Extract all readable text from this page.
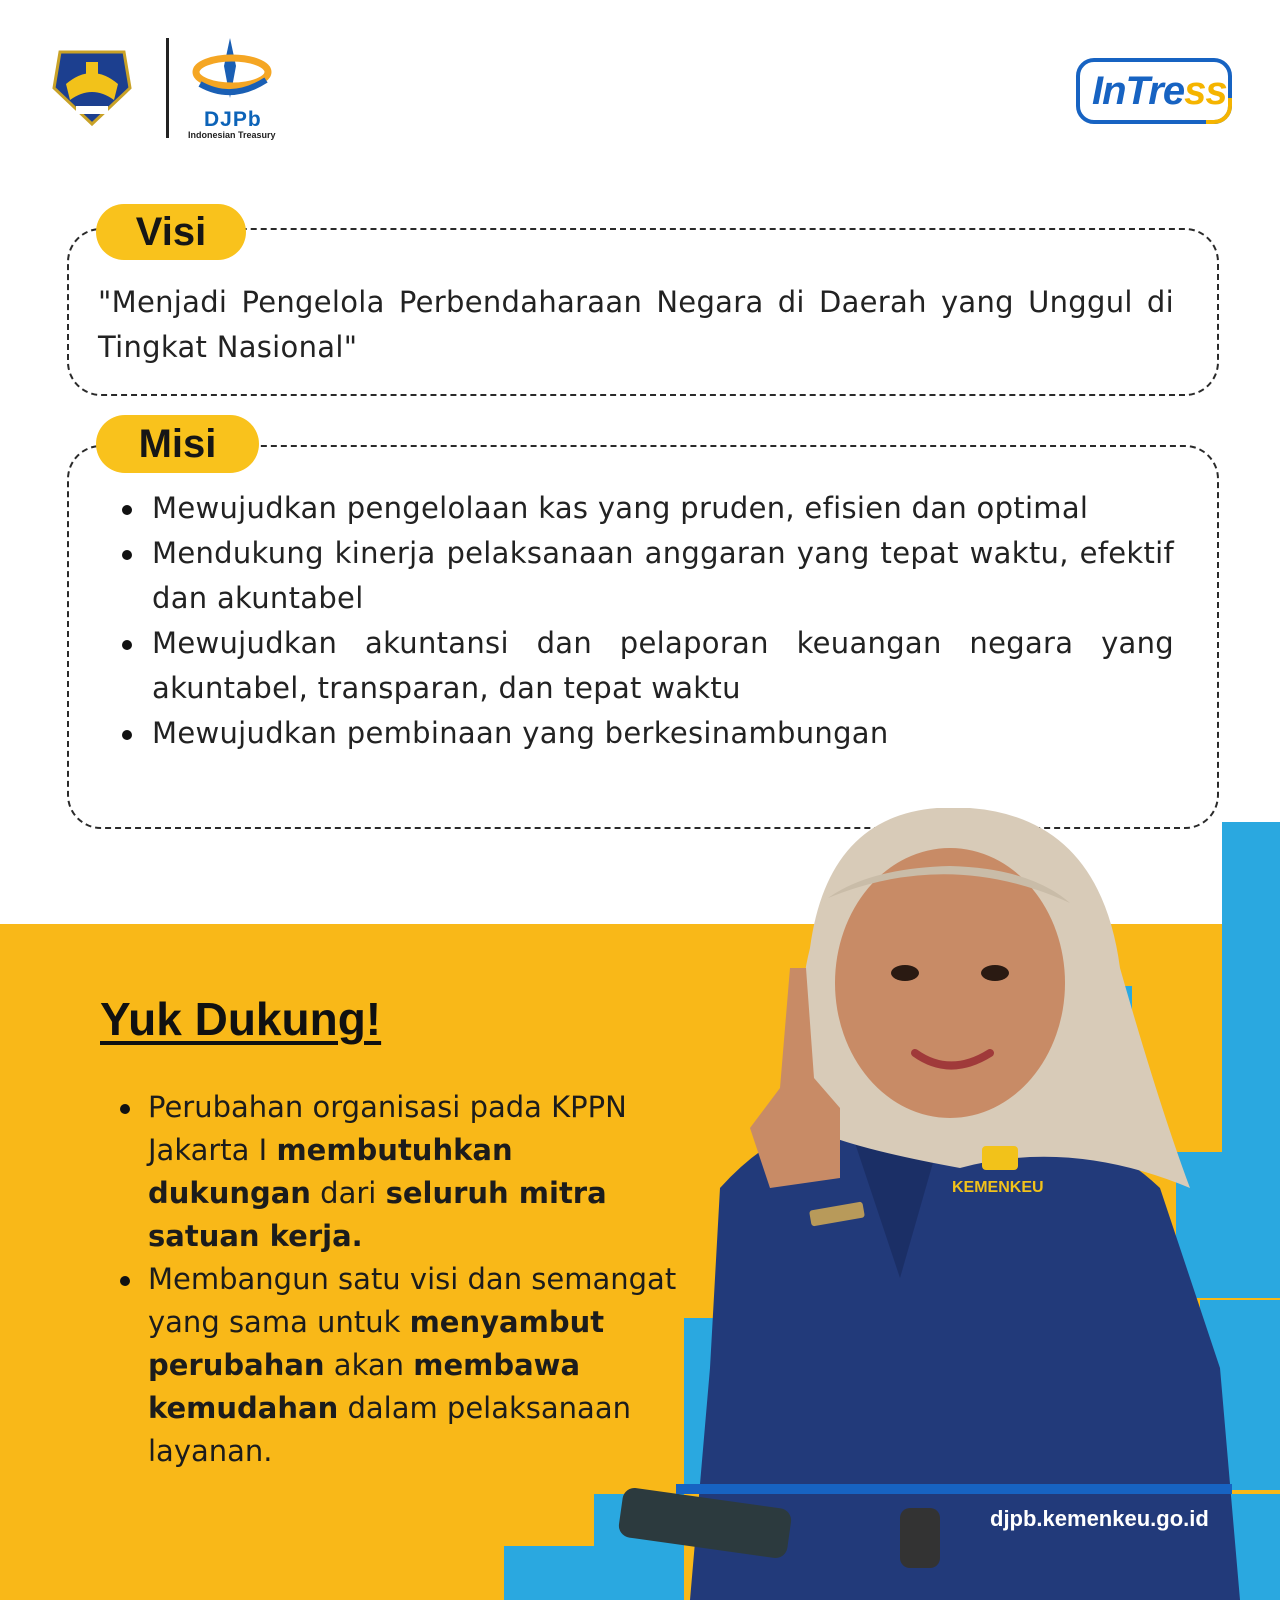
DJPb
Indonesian Treasury
InTress
Visi
"Menjadi Pengelola Perbendaharaan Negara di Daerah yang Unggul di Tingkat Nasional"
Misi
Mewujudkan pengelolaan kas yang pruden, efisien dan optimal
Mendukung kinerja pelaksanaan anggaran yang tepat waktu, efektif dan akuntabel
Mewujudkan akuntansi dan pelaporan keuangan negara yang akuntabel, transparan, dan tepat waktu
Mewujudkan pembinaan yang berkesinambungan
Yuk Dukung!
Perubahan organisasi pada KPPN Jakarta I membutuhkan dukungan dari seluruh mitra satuan kerja.
Membangun satu visi dan semangat yang sama untuk menyambut perubahan akan membawa kemudahan dalam pelaksanaan layanan.
KEMENKEU
djpb.kemenkeu.go.id
